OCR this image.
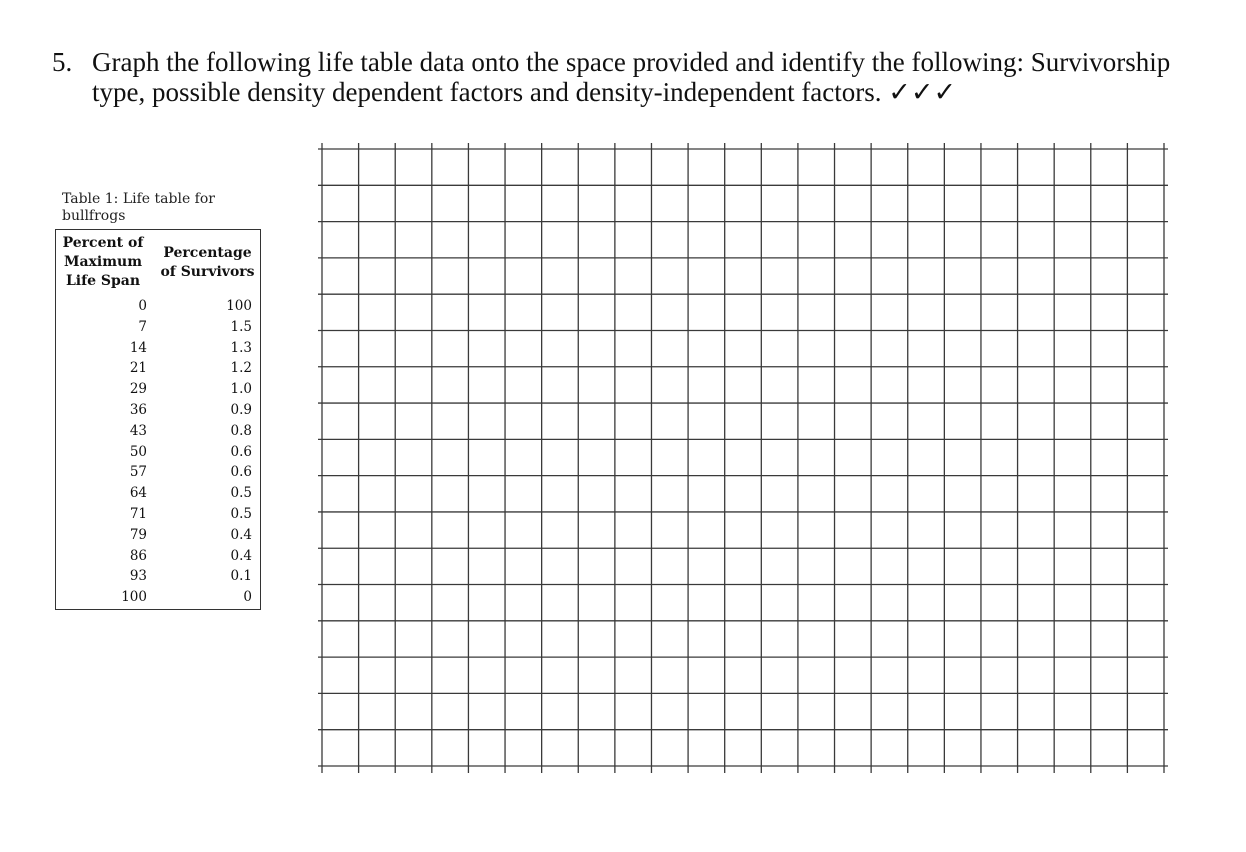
5. Graph the following life table data onto the space provided and identify the following: Survivorship type, possible density dependent factors and density-independent factors. ✓✓✓
Table 1: Life table for bullfrogs
Percent of Maximum Life Span
Percentage of Survivors
0	100
7	1.5
14	1.3
21	1.2
29	1.0
36	0.9
43	0.8
50	0.6
57	0.6
64	0.5
71	0.5
79	0.4
86	0.4
93	0.1
100	0
